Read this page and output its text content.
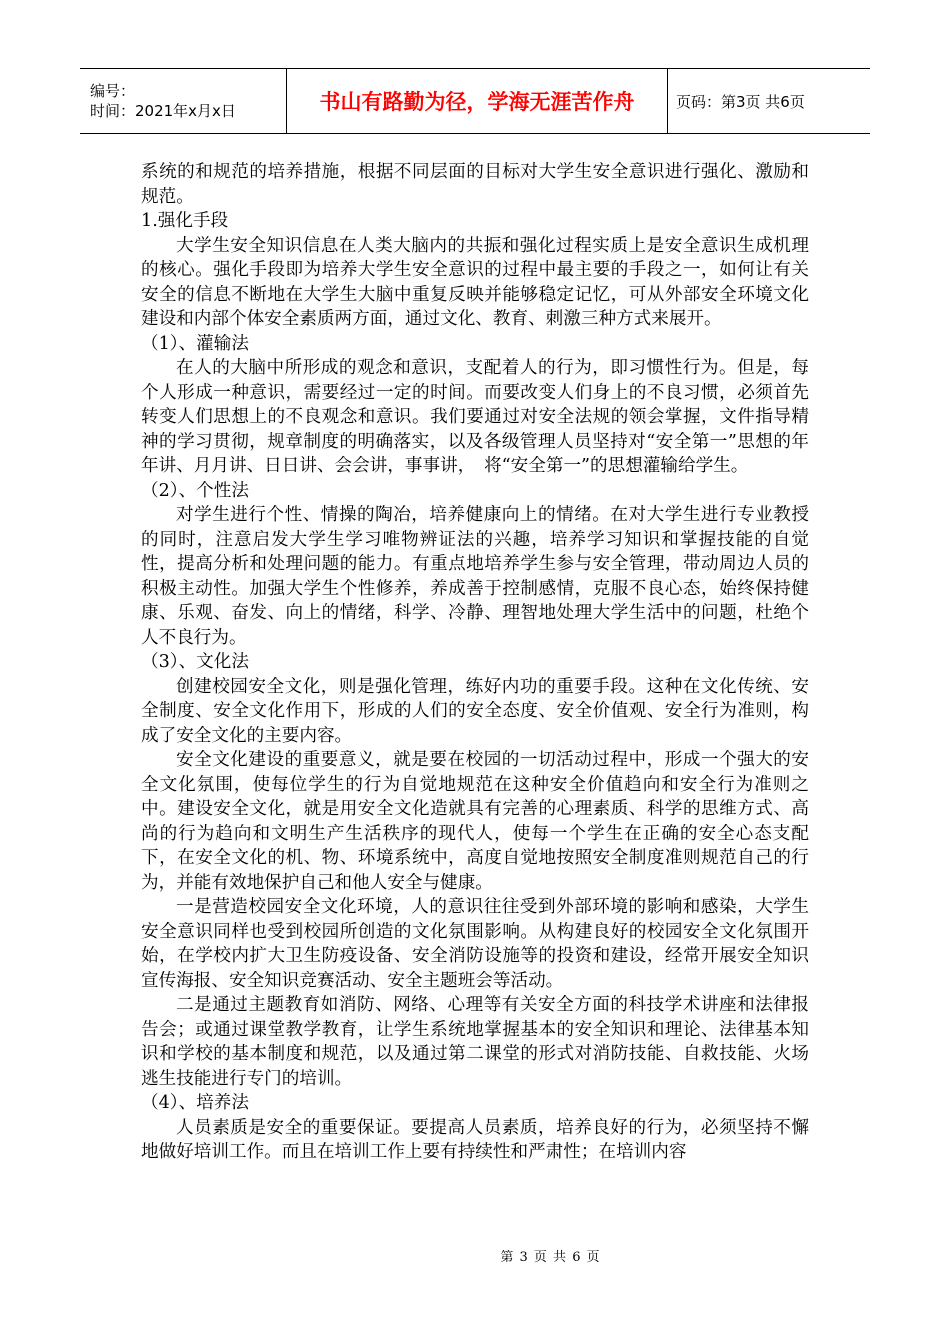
编号：
时间：2021年x月x日	书山有路勤为径，学海无涯苦作舟	页码：第3页 共6页

系统的和规范的培养措施，根据不同层面的目标对大学生安全意识进行强化、激励和规范。

1.强化手段

大学生安全知识信息在人类大脑内的共振和强化过程实质上是安全意识生成机理的核心。强化手段即为培养大学生安全意识的过程中最主要的手段之一，如何让有关安全的信息不断地在大学生大脑中重复反映并能够稳定记忆，可从外部安全环境文化建设和内部个体安全素质两方面，通过文化、教育、刺激三种方式来展开。

（1）、灌输法

在人的大脑中所形成的观念和意识，支配着人的行为，即习惯性行为。但是，每个人形成一种意识，需要经过一定的时间。而要改变人们身上的不良习惯，必须首先转变人们思想上的不良观念和意识。我们要通过对安全法规的领会掌握，文件指导精神的学习贯彻，规章制度的明确落实，以及各级管理人员坚持对“安全第一”思想的年年讲、月月讲、日日讲、会会讲，事事讲，　将“安全第一”的思想灌输给学生。

（2）、个性法

对学生进行个性、情操的陶冶，培养健康向上的情绪。在对大学生进行专业教授的同时，注意启发大学生学习唯物辨证法的兴趣，培养学习知识和掌握技能的自觉性，提高分析和处理问题的能力。有重点地培养学生参与安全管理，带动周边人员的积极主动性。加强大学生个性修养，养成善于控制感情，克服不良心态，始终保持健康、乐观、奋发、向上的情绪，科学、冷静、理智地处理大学生活中的问题，杜绝个人不良行为。

（3）、文化法

创建校园安全文化，则是强化管理，练好内功的重要手段。这种在文化传统、安全制度、安全文化作用下，形成的人们的安全态度、安全价值观、安全行为准则，构成了安全文化的主要内容。

安全文化建设的重要意义，就是要在校园的一切活动过程中，形成一个强大的安全文化氛围，使每位学生的行为自觉地规范在这种安全价值趋向和安全行为准则之中。建设安全文化，就是用安全文化造就具有完善的心理素质、科学的思维方式、高尚的行为趋向和文明生产生活秩序的现代人，使每一个学生在正确的安全心态支配下，在安全文化的机、物、环境系统中，高度自觉地按照安全制度准则规范自己的行为，并能有效地保护自己和他人安全与健康。

一是营造校园安全文化环境，人的意识往往受到外部环境的影响和感染，大学生安全意识同样也受到校园所创造的文化氛围影响。从构建良好的校园安全文化氛围开始，在学校内扩大卫生防疫设备、安全消防设施等的投资和建设，经常开展安全知识宣传海报、安全知识竞赛活动、安全主题班会等活动。

二是通过主题教育如消防、网络、心理等有关安全方面的科技学术讲座和法律报告会；或通过课堂教学教育，让学生系统地掌握基本的安全知识和理论、法律基本知识和学校的基本制度和规范，以及通过第二课堂的形式对消防技能、自救技能、火场逃生技能进行专门的培训。

（4）、培养法

人员素质是安全的重要保证。要提高人员素质，培养良好的行为，必须坚持不懈地做好培训工作。而且在培训工作上要有持续性和严肃性；在培训内容

第 3 页 共 6 页
